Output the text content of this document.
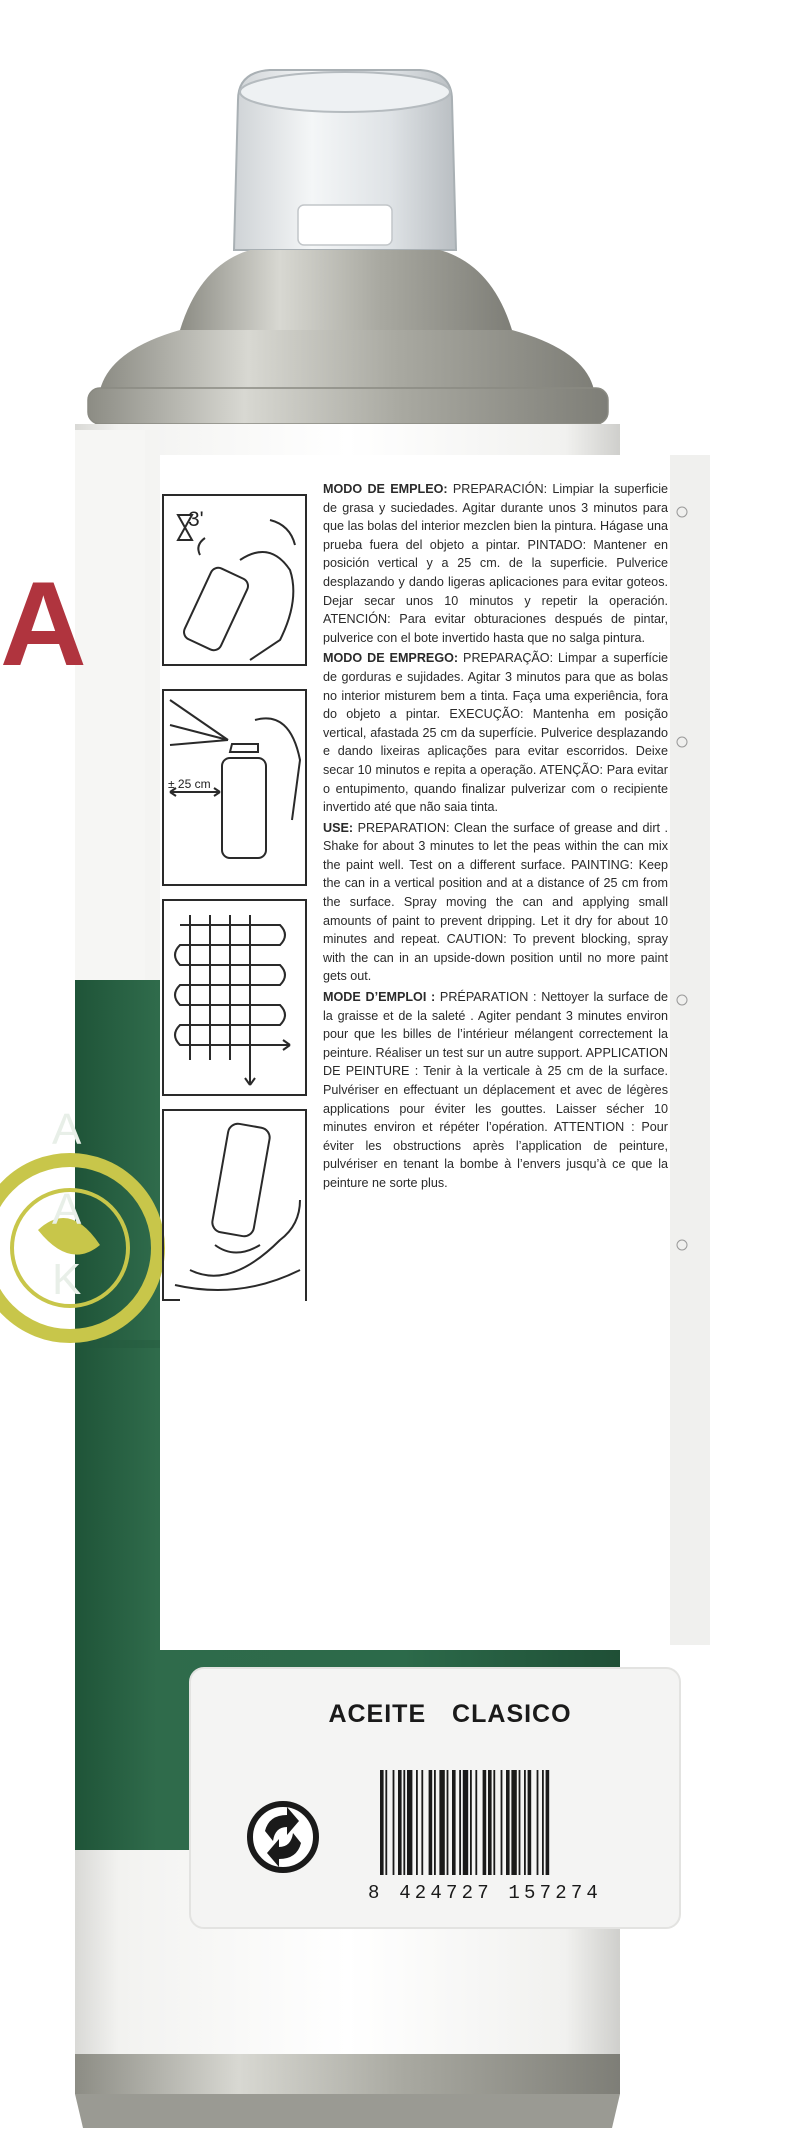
A
A
A
K
3'
± 25 cm

MODO DE EMPLEO: PREPARACIÓN: Limpiar la superficie de grasa y suciedades. Agitar durante unos 3 minutos para que las bolas del interior mezclen bien la pintura. Hágase una prueba fuera del objeto a pintar. PINTADO: Mantener en posición vertical y a 25 cm. de la superficie. Pulverice desplazando y dando ligeras aplicaciones para evitar goteos. Dejar secar unos 10 minutos y repetir la operación. ATENCIÓN: Para evitar obturaciones después de pintar, pulverice con el bote invertido hasta que no salga pintura.

MODO DE EMPREGO: PREPARAÇÃO: Limpar a superfície de gorduras e sujidades. Agitar 3 minutos para que as bolas no interior misturem bem a tinta. Faça uma experiência, fora do objeto a pintar. EXECUÇÃO: Mantenha em posição vertical, afastada 25 cm da superfície. Pulverice desplazando e dando lixeiras aplicações para evitar escorridos. Deixe secar 10 minutos e repita a operação. ATENÇÃO: Para evitar o entupimento, quando finalizar pulverizar com o recipiente invertido até que não saia tinta.

USE: PREPARATION: Clean the surface of grease and dirt . Shake for about 3 minutes to let the peas within the can mix the paint well. Test on a different surface. PAINTING: Keep the can in a vertical position and at a distance of 25 cm from the surface. Spray moving the can and applying small amounts of paint to prevent dripping. Let it dry for about 10 minutes and repeat. CAUTION: To prevent blocking, spray with the can in an upside-down position until no more paint gets out.

MODE D’EMPLOI : PRÉPARATION : Nettoyer la surface de la graisse et de la saleté . Agiter pendant 3 minutes environ pour que les billes de l’intérieur mélangent correctement la peinture. Réaliser un test sur un autre support. APPLICATION DE PEINTURE : Tenir à la verticale à 25 cm de la surface. Pulvériser en effectuant un déplacement et avec de légères applications pour éviter les gouttes. Laisser sécher 10 minutes environ et répéter l’opération. ATTENTION : Pour éviter les obstructions après l’application de peinture, pulvériser en tenant la bombe à l’envers jusqu’à ce que la peinture ne sorte plus.

400 ml.	520	e	3
ACEITE CLASICO
8 424727 157274
